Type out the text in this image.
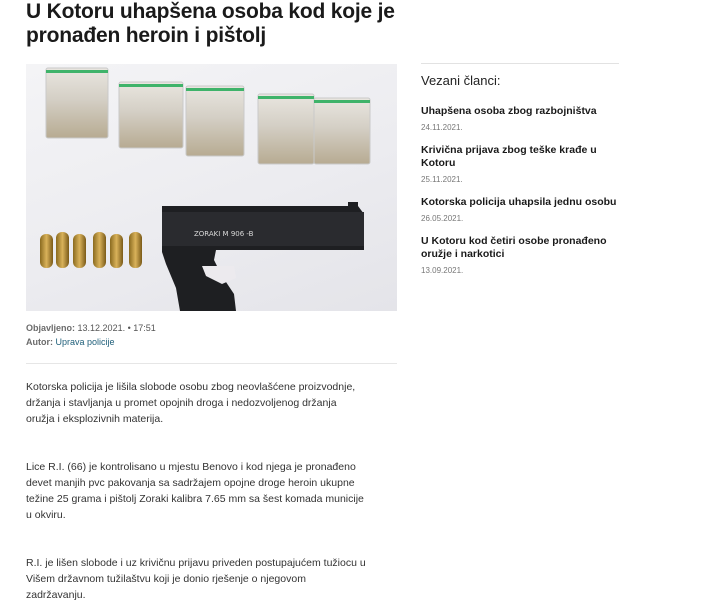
U Kotoru uhapšena osoba kod koje je pronađen heroin i pištolj
ZORAKI M 906 -B
Objavljeno: 13.12.2021. • 17:51
Autor: Uprava policije

Kotorska policija je lišila slobode osobu zbog neovlašćene proizvodnje, držanja i stavljanja u promet opojnih droga i nedozvoljenog držanja oružja i eksplozivnih materija.

Lice R.I. (66) je kontrolisano u mjestu Benovo i kod njega je pronađeno devet manjih pvc pakovanja sa sadržajem opojne droge heroin ukupne težine 25 grama i pištolj Zoraki kalibra 7.65 mm sa šest komada municije u okviru.

R.I. je lišen slobode i uz krivičnu prijavu priveden postupajućem tužiocu u Višem državnom tužilaštvu koji je donio rješenje o njegovom zadržavanju.

Vezani članci:
Uhapšena osoba zbog razbojništva
24.11.2021.
Krivična prijava zbog teške krađe u Kotoru
25.11.2021.
Kotorska policija uhapsila jednu osobu
26.05.2021.
U Kotoru kod četiri osobe pronađeno oružje i narkotici
13.09.2021.
